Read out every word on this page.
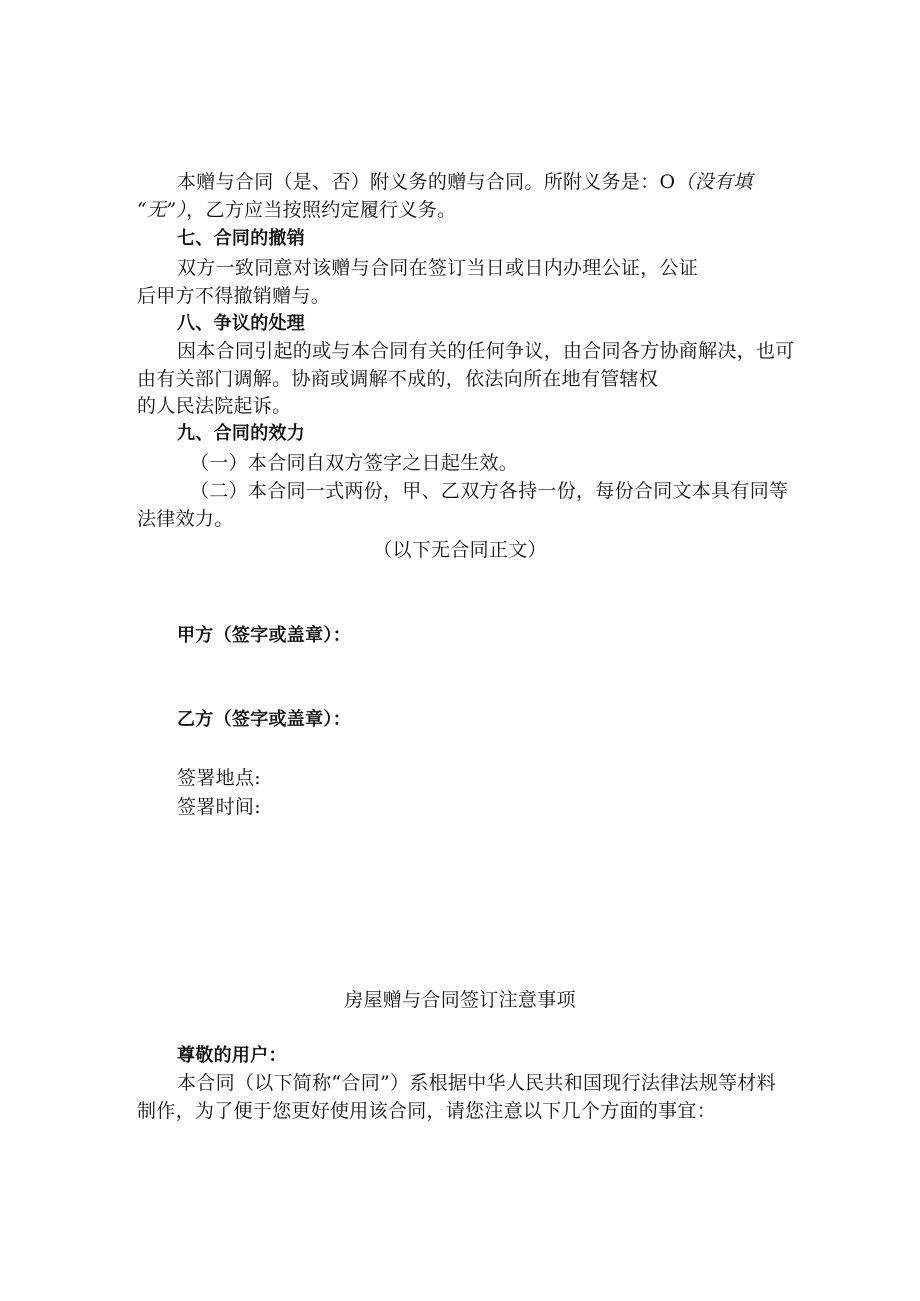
本赠与合同（是、否）附义务的赠与合同。所附义务是：O（没有填
“无”），乙方应当按照约定履行义务。
七、合同的撤销
双方一致同意对该赠与合同在签订当日或日内办理公证，公证
后甲方不得撤销赠与。
八、争议的处理
因本合同引起的或与本合同有关的任何争议，由合同各方协商解决，也可
由有关部门调解。协商或调解不成的，依法向所在地有管辖权
的人民法院起诉。
九、合同的效力
（一）本合同自双方签字之日起生效。
（二）本合同一式两份，甲、乙双方各持一份，每份合同文本具有同等
法律效力。
（以下无合同正文）
甲方（签字或盖章）：
乙方（签字或盖章）：
签署地点:
签署时间:
房屋赠与合同签订注意事项
尊敬的用户：
本合同（以下简称“合同”）系根据中华人民共和国现行法律法规等材料
制作，为了便于您更好使用该合同，请您注意以下几个方面的事宜：
